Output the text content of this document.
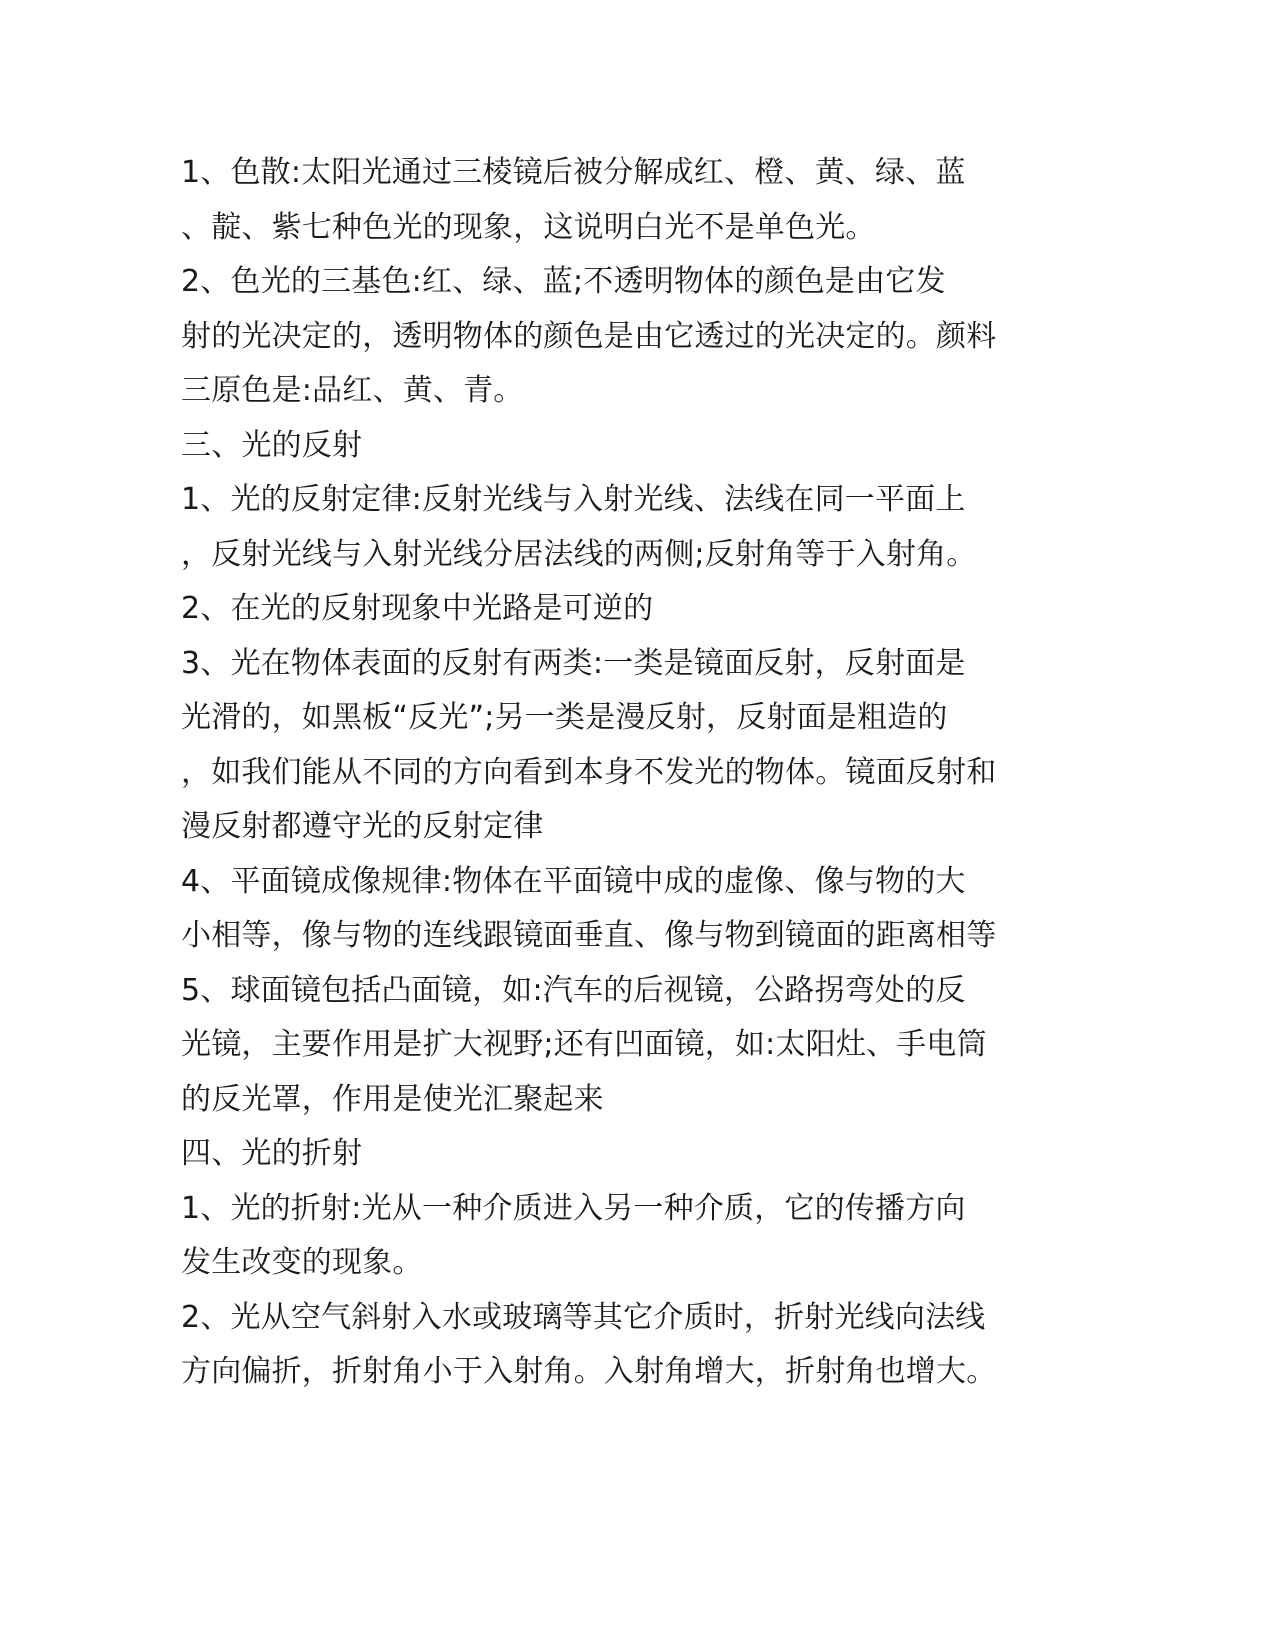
1、色散:太阳光通过三棱镜后被分解成红、橙、黄、绿、蓝

、靛、紫七种色光的现象，这说明白光不是单色光。

2、色光的三基色:红、绿、蓝;不透明物体的颜色是由它发

射的光决定的，透明物体的颜色是由它透过的光决定的。颜料

三原色是:品红、黄、青。

三、光的反射

1、光的反射定律:反射光线与入射光线、法线在同一平面上

，反射光线与入射光线分居法线的两侧;反射角等于入射角。

2、在光的反射现象中光路是可逆的

3、光在物体表面的反射有两类:一类是镜面反射，反射面是

光滑的，如黑板“反光”;另一类是漫反射，反射面是粗造的

，如我们能从不同的方向看到本身不发光的物体。镜面反射和

漫反射都遵守光的反射定律

4、平面镜成像规律:物体在平面镜中成的虚像、像与物的大

小相等，像与物的连线跟镜面垂直、像与物到镜面的距离相等

5、球面镜包括凸面镜，如:汽车的后视镜，公路拐弯处的反

光镜，主要作用是扩大视野;还有凹面镜，如:太阳灶、手电筒

的反光罩，作用是使光汇聚起来

四、光的折射

1、光的折射:光从一种介质进入另一种介质，它的传播方向

发生改变的现象。

2、光从空气斜射入水或玻璃等其它介质时，折射光线向法线

方向偏折，折射角小于入射角。入射角增大，折射角也增大。
